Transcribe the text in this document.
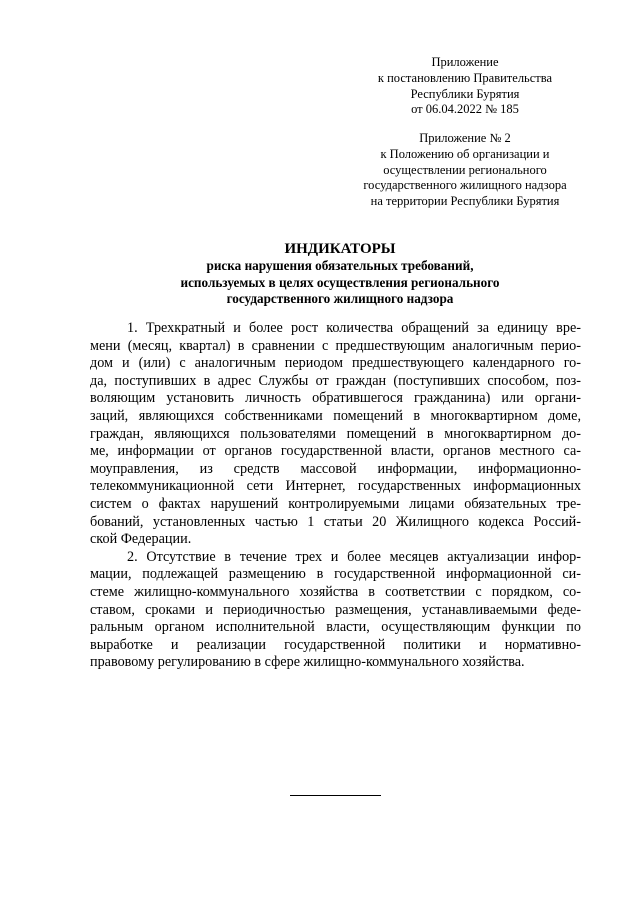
Приложение
к постановлению Правительства
Республики Бурятия
от 06.04.2022 № 185
Приложение № 2
к Положению об организации и
осуществлении регионального
государственного жилищного надзора
на территории Республики Бурятия
ИНДИКАТОРЫ
риска нарушения обязательных требований,
используемых в целях осуществления регионального
государственного жилищного надзора
1. Трехкратный и более рост количества обращений за единицу вре-
мени (месяц, квартал) в сравнении с предшествующим аналогичным перио-
дом и (или) с аналогичным периодом предшествующего календарного го-
да, поступивших в адрес Службы от граждан (поступивших способом, поз-
воляющим установить личность обратившегося гражданина) или органи-
заций, являющихся собственниками помещений в многоквартирном доме,
граждан, являющихся пользователями помещений в многоквартирном до-
ме, информации от органов государственной власти, органов местного са-
моуправления, из средств массовой информации, информационно-
телекоммуникационной сети Интернет, государственных информационных
систем о фактах нарушений контролируемыми лицами обязательных тре-
бований, установленных частью 1 статьи 20 Жилищного кодекса Россий-
ской Федерации.
2. Отсутствие в течение трех и более месяцев актуализации инфор-
мации, подлежащей размещению в государственной информационной си-
стеме жилищно-коммунального хозяйства в соответствии с порядком, со-
ставом, сроками и периодичностью размещения, устанавливаемыми феде-
ральным органом исполнительной власти, осуществляющим функции по
выработке и реализации государственной политики и нормативно-
правовому регулированию в сфере жилищно-коммунального хозяйства.
